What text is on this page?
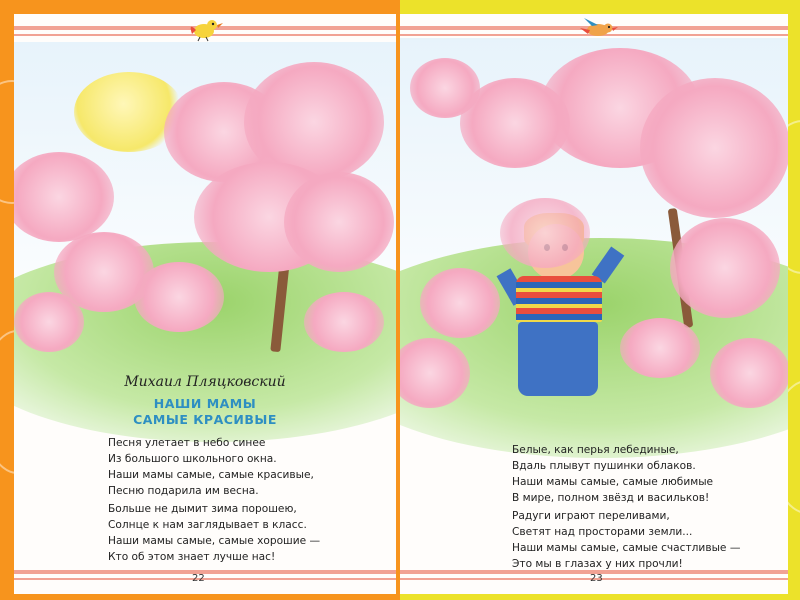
Михаил Пляцковский
НАШИ МАМЫ
САМЫЕ КРАСИВЫЕ
Песня улетает в небо синее
Из большого школьного окна.
Наши мамы самые, самые красивые,
Песню подарила им весна.
Больше не дымит зима порошею,
Солнце к нам заглядывает в класс.
Наши мамы самые, самые хорошие —
Кто об этом знает лучше нас!
22
Белые, как перья лебединые,
Вдаль плывут пушинки облаков.
Наши мамы самые, самые любимые
В мире, полном звёзд и васильков!
Радуги играют переливами,
Светят над просторами земли...
Наши мамы самые, самые счастливые —
Это мы в глазах у них прочли!
23
